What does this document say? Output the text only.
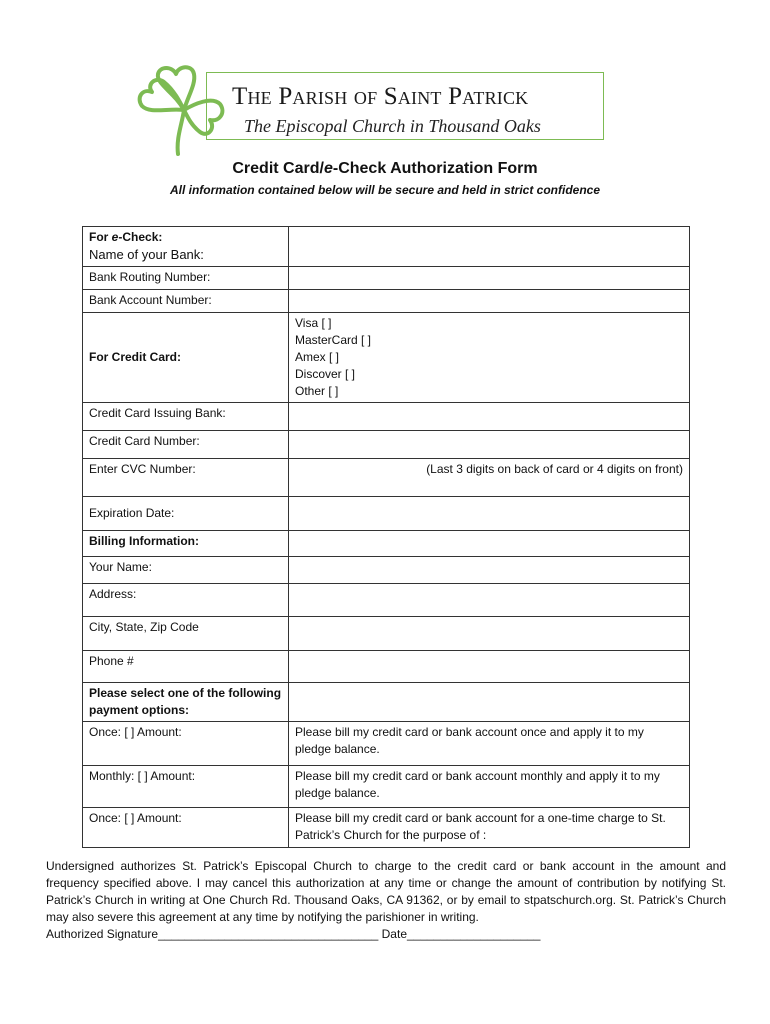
The Parish of Saint Patrick
The Episcopal Church in Thousand Oaks
Credit Card/e-Check Authorization Form
All information contained below will be secure and held in strict confidence
For e-Check:
Name of your Bank:	

Bank Routing Number:	
Bank Account Number:	
For Credit Card:	Visa [ ]
MasterCard [ ]
Amex [ ]
Discover [ ]
Other [ ]

Credit Card Issuing Bank:	
Credit Card Number:	
Enter CVC Number:	(Last 3 digits on back of card or 4 digits on front)
Expiration Date:	
Billing Information:	
Your Name:	
Address:	
City, State, Zip Code	
Phone #	
Please select one of the following payment options:	
Once: [ ] Amount:	Please bill my credit card or bank account once and apply it to my pledge balance.
Monthly: [ ] Amount:	Please bill my credit card or bank account monthly and apply it to my pledge balance.
Once: [ ] Amount:	Please bill my credit card or bank account for a one-time charge to St. Patrick’s Church for the purpose of :
Undersigned authorizes St. Patrick’s Episcopal Church to charge to the credit card or bank account in the amount and frequency specified above. I may cancel this authorization at any time or change the amount of contribution by notifying St. Patrick’s Church in writing at One Church Rd. Thousand Oaks, CA 91362, or by email to stpatschurch.org. St. Patrick’s Church may also severe this agreement at any time by notifying the parishioner in writing.
Authorized Signature_________________________________ Date____________________
